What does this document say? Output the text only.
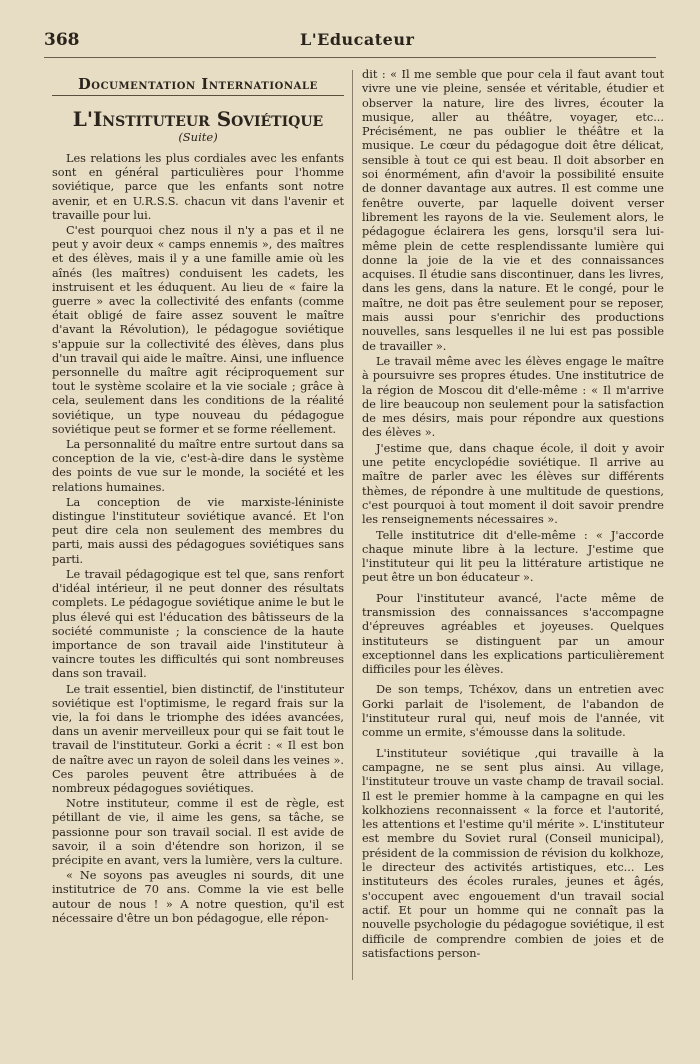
368	L'Educateur
Documentation Internationale
L'Instituteur Soviétique
(Suite)

Les relations les plus cordiales avec les enfants sont en général particulières pour l'homme soviétique, parce que les enfants sont notre avenir, et en U.R.S.S. chacun vit dans l'avenir et travaille pour lui.

C'est pourquoi chez nous il n'y a pas et il ne peut y avoir deux « camps ennemis », des maîtres et des élèves, mais il y a une famille amie où les aînés (les maîtres) conduisent les cadets, les instruisent et les éduquent. Au lieu de « faire la guerre » avec la collectivité des enfants (comme était obligé de faire assez souvent le maître d'avant la Révolution), le pédagogue soviétique s'appuie sur la collectivité des élèves, dans plus d'un travail qui aide le maître. Ainsi, une influence personnelle du maître agit réciproquement sur tout le système scolaire et la vie sociale ; grâce à cela, seulement dans les conditions de la réalité soviétique, un type nouveau du pédagogue soviétique peut se former et se forme réellement.

La personnalité du maître entre surtout dans sa conception de la vie, c'est-à-dire dans le système des points de vue sur le monde, la société et les relations humaines.

La conception de vie marxiste-léniniste distingue l'instituteur soviétique avancé. Et l'on peut dire cela non seulement des membres du parti, mais aussi des pédagogues soviétiques sans parti.

Le travail pédagogique est tel que, sans renfort d'idéal intérieur, il ne peut donner des résultats complets. Le pédagogue soviétique anime le but le plus élevé qui est l'éducation des bâtisseurs de la société communiste ; la conscience de la haute importance de son travail aide l'instituteur à vaincre toutes les difficultés qui sont nombreuses dans son travail.

Le trait essentiel, bien distinctif, de l'instituteur soviétique est l'optimisme, le regard frais sur la vie, la foi dans le triomphe des idées avancées, dans un avenir merveilleux pour qui se fait tout le travail de l'instituteur. Gorki a écrit : « Il est bon de naître avec un rayon de soleil dans les veines ». Ces paroles peuvent être attribuées à de nombreux pédagogues soviétiques.

Notre instituteur, comme il est de règle, est pétillant de vie, il aime les gens, sa tâche, se passionne pour son travail social. Il est avide de savoir, il a soin d'étendre son horizon, il se précipite en avant, vers la lumière, vers la culture.

« Ne soyons pas aveugles ni sourds, dit une institutrice de 70 ans. Comme la vie est belle autour de nous ! » A notre question, qu'il est nécessaire d'être un bon pédagogue, elle répon-

dit : « Il me semble que pour cela il faut avant tout vivre une vie pleine, sensée et véritable, étudier et observer la nature, lire des livres, écouter la musique, aller au théâtre, voyager, etc... Précisément, ne pas oublier le théâtre et la musique. Le cœur du pédagogue doit être délicat, sensible à tout ce qui est beau. Il doit absorber en soi énormément, afin d'avoir la possibilité ensuite de donner davantage aux autres. Il est comme une fenêtre ouverte, par laquelle doivent verser librement les rayons de la vie. Seulement alors, le pédagogue éclairera les gens, lorsqu'il sera lui-même plein de cette resplendissante lumière qui donne la joie de la vie et des connaissances acquises. Il étudie sans discontinuer, dans les livres, dans les gens, dans la nature. Et le congé, pour le maître, ne doit pas être seulement pour se reposer, mais aussi pour s'enrichir des productions nouvelles, sans lesquelles il ne lui est pas possible de travailler ».

Le travail même avec les élèves engage le maître à poursuivre ses propres études. Une institutrice de la région de Moscou dit d'elle-même : « Il m'arrive de lire beaucoup non seulement pour la satisfaction de mes désirs, mais pour répondre aux questions des élèves ».

J'estime que, dans chaque école, il doit y avoir une petite encyclopédie soviétique. Il arrive au maître de parler avec les élèves sur différents thèmes, de répondre à une multitude de questions, c'est pourquoi à tout moment il doit savoir prendre les renseignements nécessaires ».

Telle institutrice dit d'elle-même : « J'accorde chaque minute libre à la lecture. J'estime que l'instituteur qui lit peu la littérature artistique ne peut être un bon éducateur ».

Pour l'instituteur avancé, l'acte même de transmission des connaissances s'accompagne d'épreuves agréables et joyeuses. Quelques instituteurs se distinguent par un amour exceptionnel dans les explications particulièrement difficiles pour les élèves.

De son temps, Tchéxov, dans un entretien avec Gorki parlait de l'isolement, de l'abandon de l'instituteur rural qui, neuf mois de l'année, vit comme un ermite, s'émousse dans la solitude.

L'instituteur soviétique ,qui travaille à la campagne, ne se sent plus ainsi. Au village, l'instituteur trouve un vaste champ de travail social. Il est le premier homme à la campagne en qui les kolkhoziens reconnaissent « la force et l'autorité, les attentions et l'estime qu'il mérite ». L'instituteur est membre du Soviet rural (Conseil municipal), président de la commission de révision du kolkhoze, le directeur des activités artistiques, etc... Les instituteurs des écoles rurales, jeunes et âgés, s'occupent avec engouement d'un travail social actif. Et pour un homme qui ne connaît pas la nouvelle psychologie du pédagogue soviétique, il est difficile de comprendre combien de joies et de satisfactions person-
